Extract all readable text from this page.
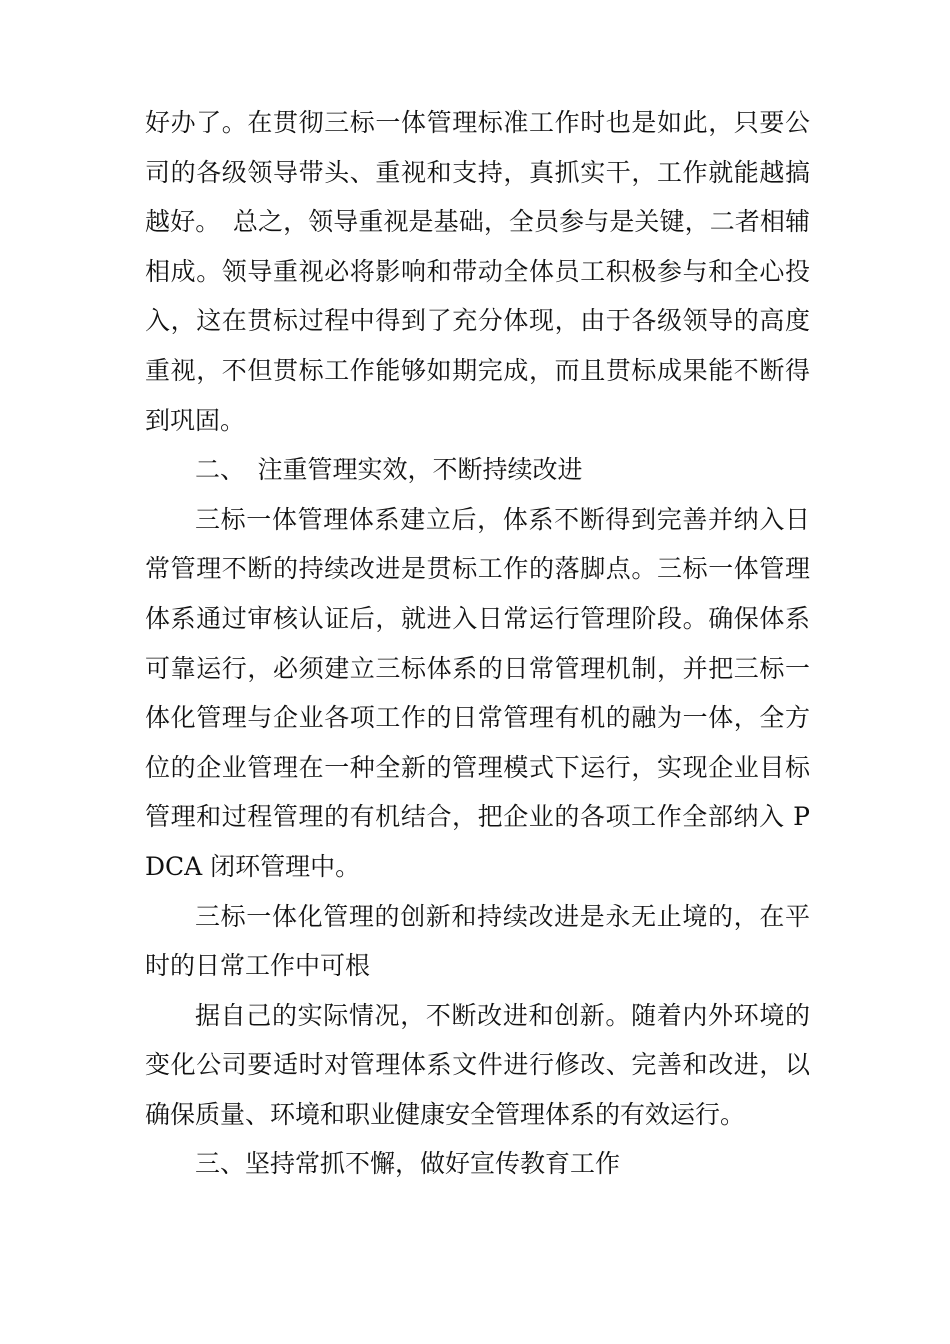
好办了。在贯彻三标一体管理标准工作时也是如此，只要公司的各级领导带头、重视和支持，真抓实干，工作就能越搞越好。　总之，领导重视是基础，全员参与是关键，二者相辅相成。领导重视必将影响和带动全体员工积极参与和全心投入，这在贯标过程中得到了充分体现，由于各级领导的高度重视，不但贯标工作能够如期完成，而且贯标成果能不断得到巩固。

二、　注重管理实效，不断持续改进

三标一体管理体系建立后，体系不断得到完善并纳入日常管理不断的持续改进是贯标工作的落脚点。三标一体管理体系通过审核认证后，就进入日常运行管理阶段。确保体系可靠运行，必须建立三标体系的日常管理机制，并把三标一体化管理与企业各项工作的日常管理有机的融为一体，全方位的企业管理在一种全新的管理模式下运行，实现企业目标管理和过程管理的有机结合，把企业的各项工作全部纳入 PDCA 闭环管理中。

三标一体化管理的创新和持续改进是永无止境的，在平时的日常工作中可根

据自己的实际情况，不断改进和创新。随着内外环境的变化公司要适时对管理体系文件进行修改、完善和改进，以确保质量、环境和职业健康安全管理体系的有效运行。

三、坚持常抓不懈，做好宣传教育工作
